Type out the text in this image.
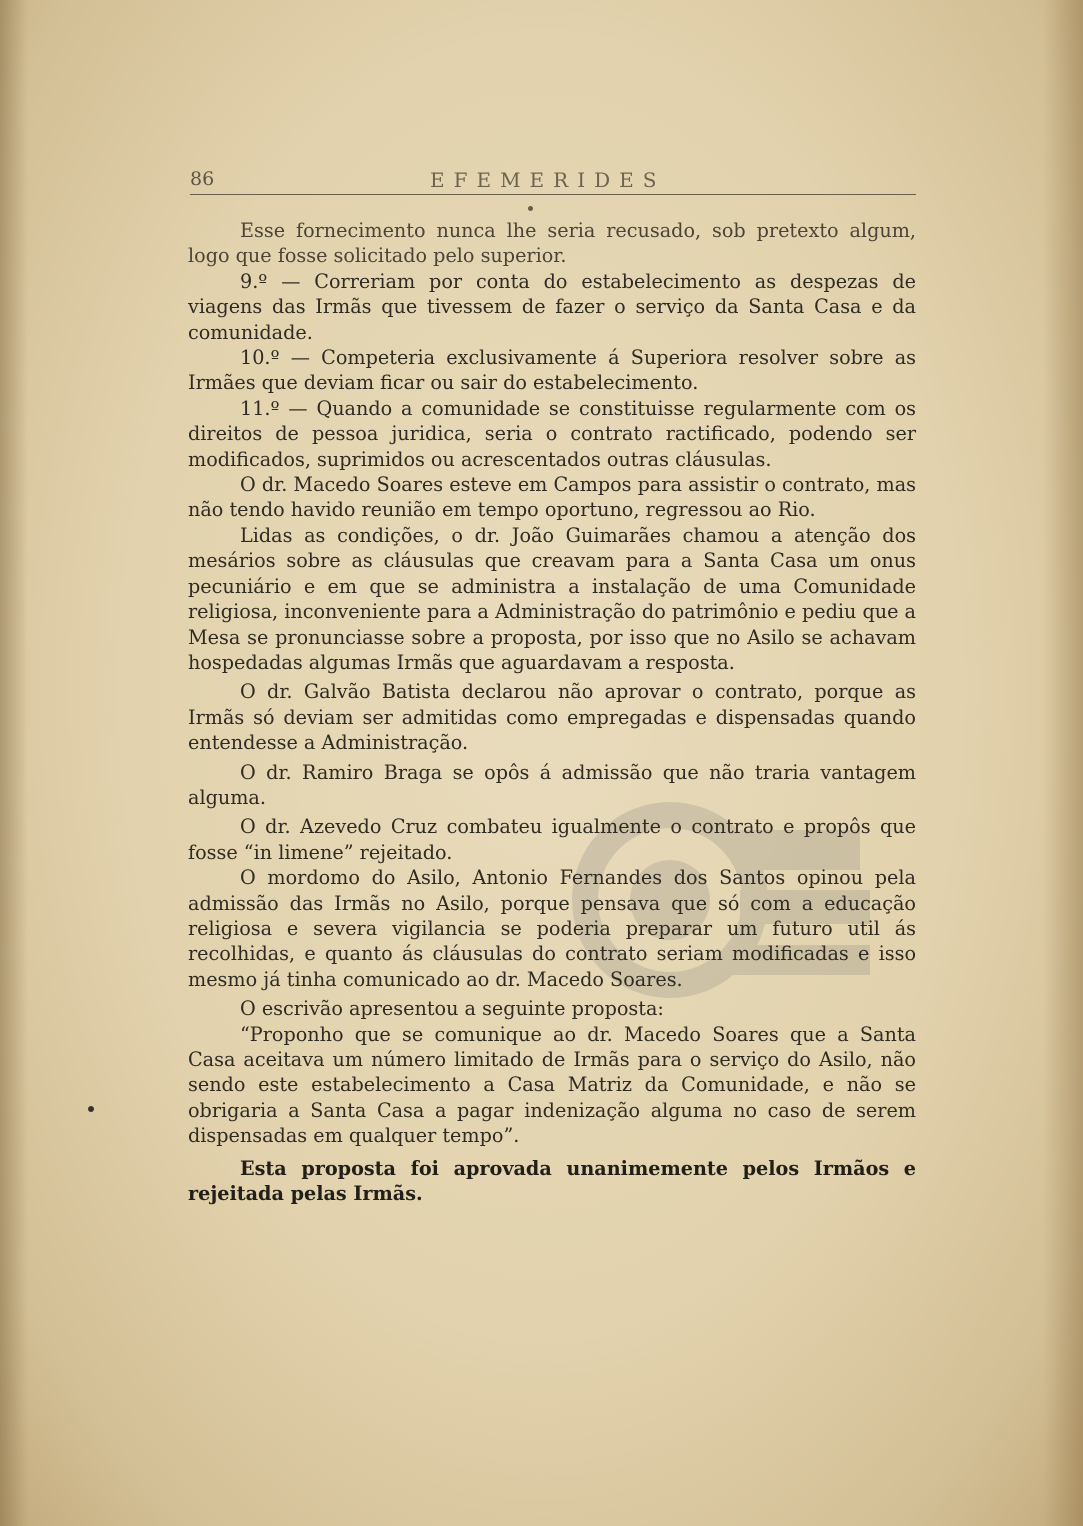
86	EFEMERIDES

Esse fornecimento nunca lhe seria recusado, sob pretexto algum, logo que fosse solicitado pelo superior.

9.º — Correriam por conta do estabelecimento as despezas de viagens das Irmãs que tivessem de fazer o serviço da Santa Casa e da comunidade.

10.º — Competeria exclusivamente á Superiora resolver sobre as Irmães que deviam ficar ou sair do estabelecimento.

11.º — Quando a comunidade se constituisse regularmente com os direitos de pessoa juridica, seria o contrato ractificado, podendo ser modificados, suprimidos ou acrescentados outras cláusulas.

O dr. Macedo Soares esteve em Campos para assistir o contrato, mas não tendo havido reunião em tempo oportuno, regressou ao Rio.

Lidas as condições, o dr. João Guimarães chamou a atenção dos mesários sobre as cláusulas que creavam para a Santa Casa um onus pecuniário e em que se administra a instalação de uma Comunidade religiosa, inconveniente para a Administração do patrimônio e pediu que a Mesa se pronunciasse sobre a proposta, por isso que no Asilo se achavam hospedadas algumas Irmãs que aguardavam a resposta.

O dr. Galvão Batista declarou não aprovar o contrato, porque as Irmãs só deviam ser admitidas como empregadas e dispensadas quando entendesse a Administração.

O dr. Ramiro Braga se opôs á admissão que não traria vantagem alguma.

O dr. Azevedo Cruz combateu igualmente o contrato e propôs que fosse “in limene” rejeitado.

O mordomo do Asilo, Antonio Fernandes dos Santos opinou pela admissão das Irmãs no Asilo, porque pensava que só com a educação religiosa e severa vigilancia se poderia preparar um futuro util ás recolhidas, e quanto ás cláusulas do contrato seriam modificadas e isso mesmo já tinha comunicado ao dr. Macedo Soares.

O escrivão apresentou a seguinte proposta:

“Proponho que se comunique ao dr. Macedo Soares que a Santa Casa aceitava um número limitado de Irmãs para o serviço do Asilo, não sendo este estabelecimento a Casa Matriz da Comunidade, e não se obrigaria a Santa Casa a pagar indenização alguma no caso de serem dispensadas em qualquer tempo”.

Esta proposta foi aprovada unanimemente pelos Irmãos e rejeitada pelas Irmãs.
